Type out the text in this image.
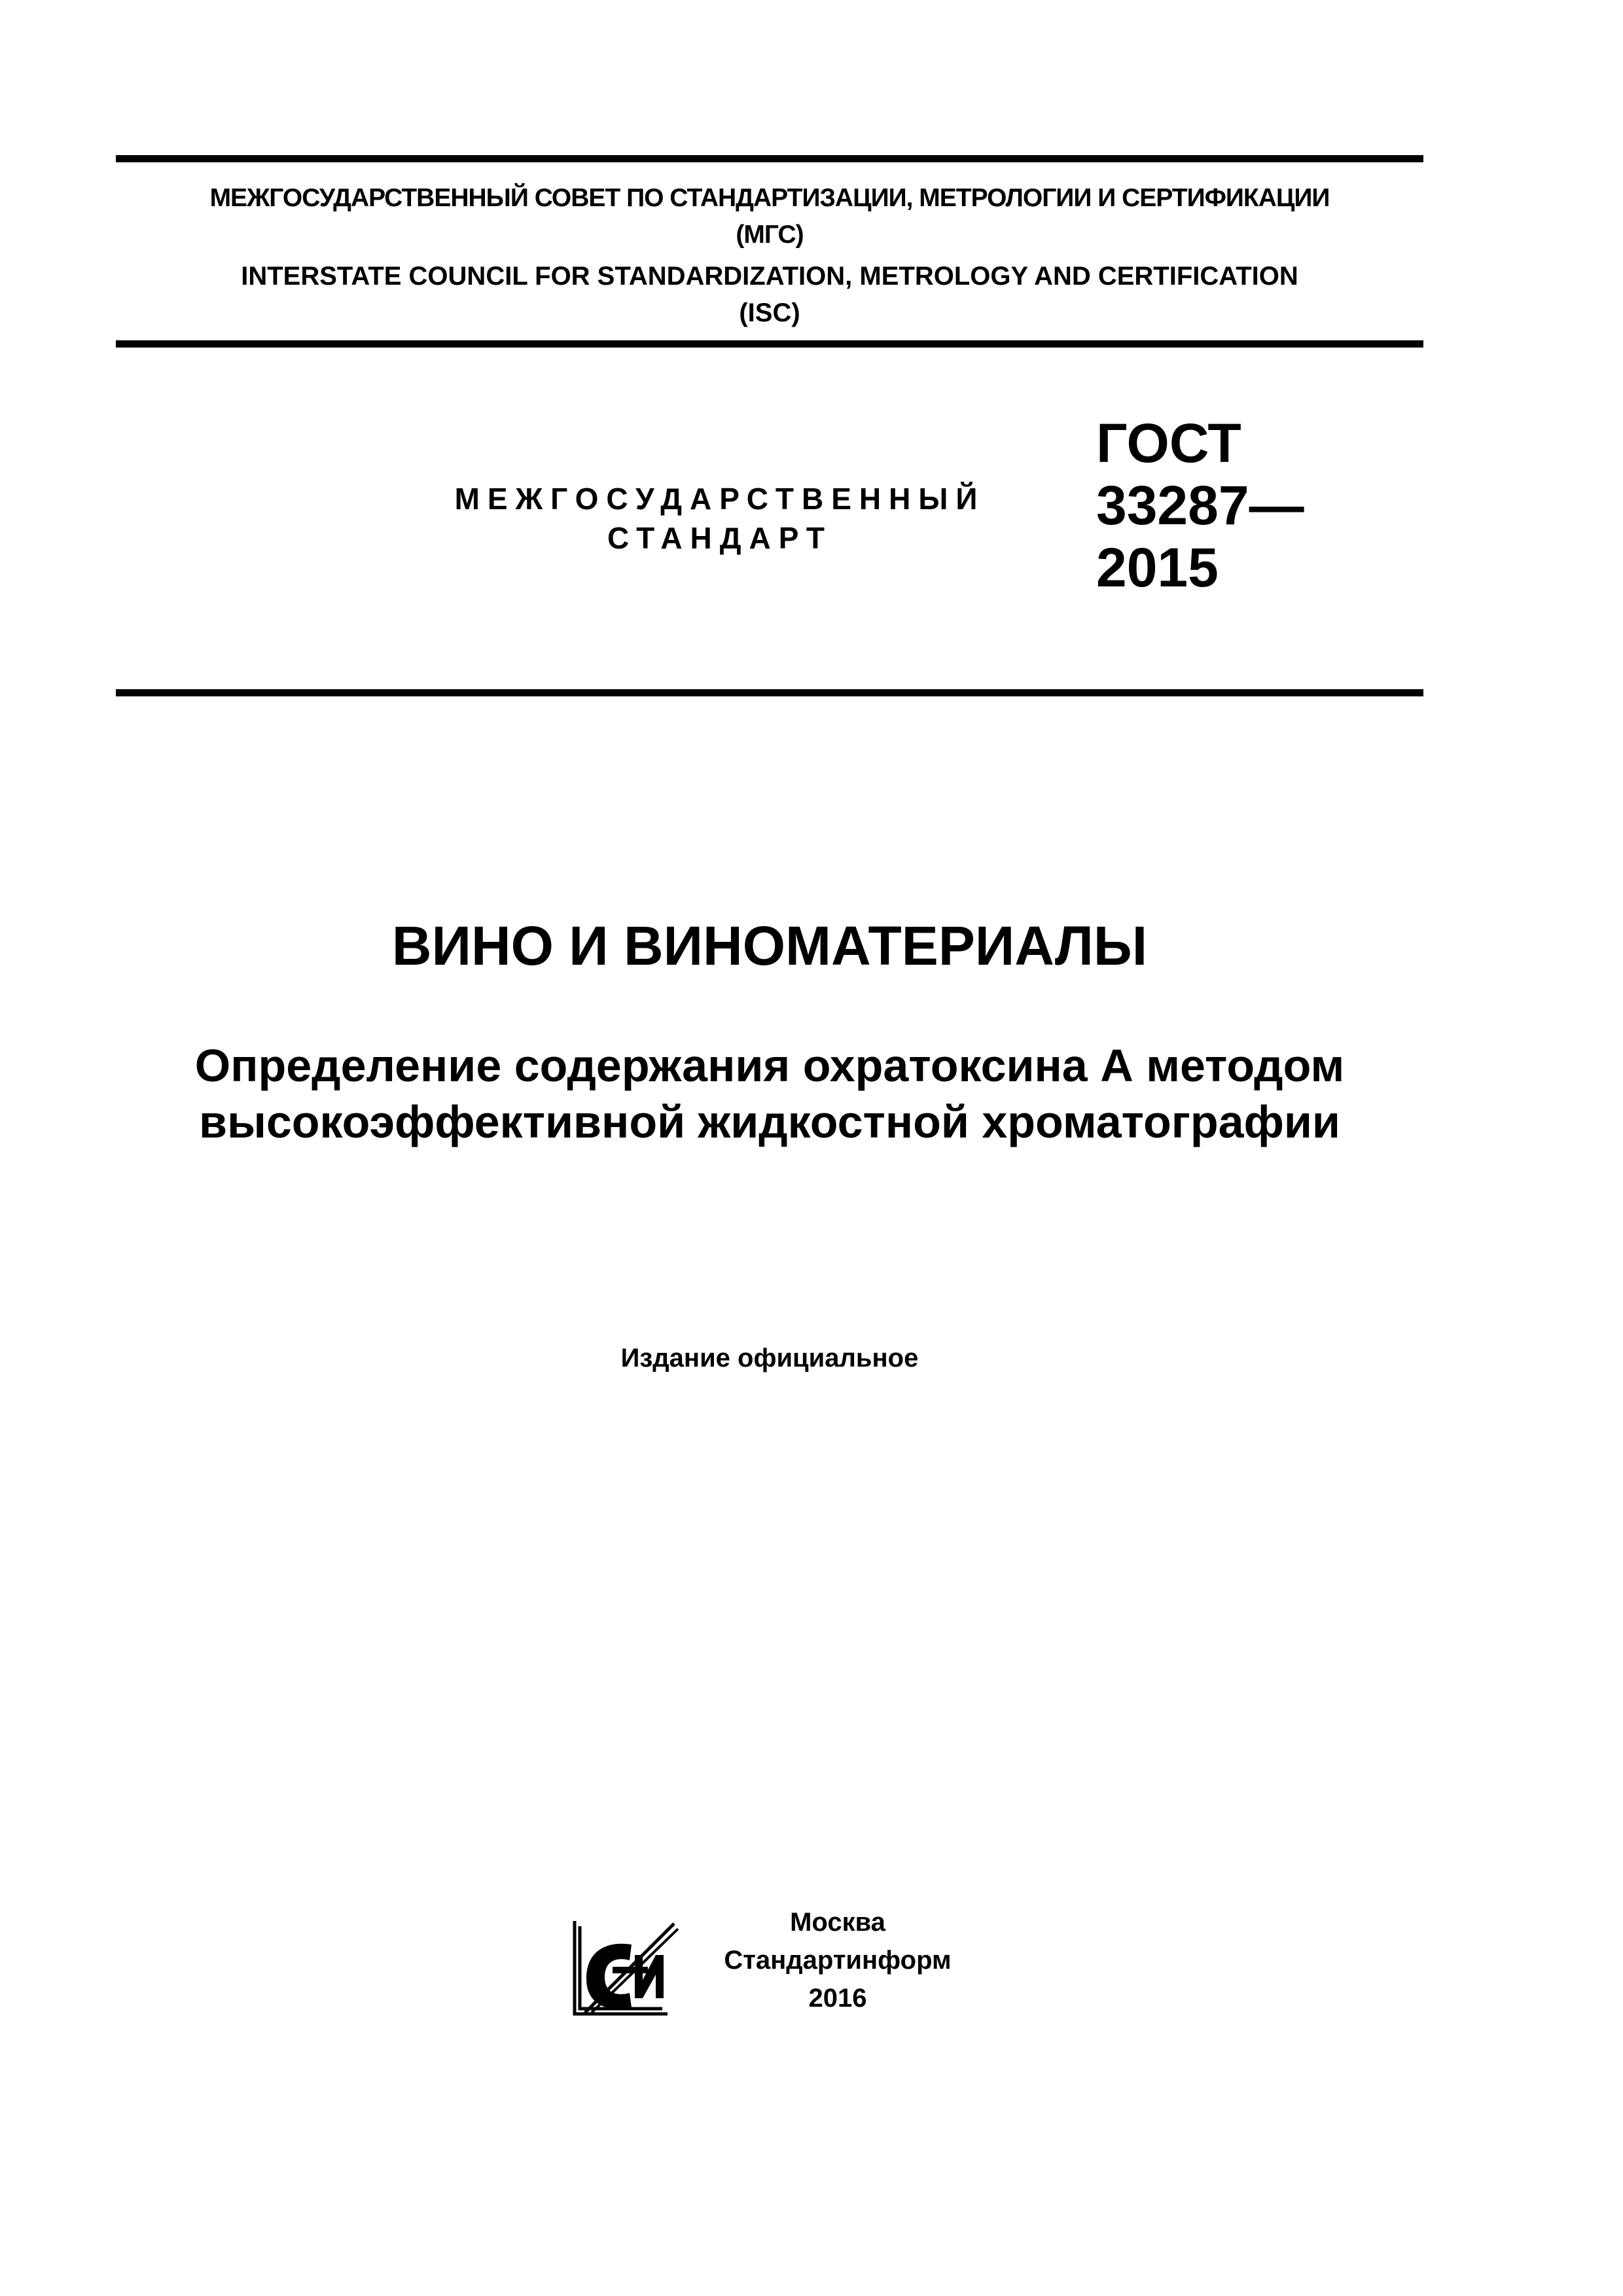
МЕЖГОСУДАРСТВЕННЫЙ СОВЕТ ПО СТАНДАРТИЗАЦИИ, МЕТРОЛОГИИ И СЕРТИФИКАЦИИ
(МГС)
INTERSTATE COUNCIL FOR STANDARDIZATION, METROLOGY AND CERTIFICATION
(ISC)
МЕЖГОСУДАРСТВЕННЫЙ
СТАНДАРТ
ГОСТ
33287—
2015
ВИНО И ВИНОМАТЕРИАЛЫ
Определение содержания охратоксина А методом
высокоэффективной жидкостной хроматографии
Издание официальное
Москва
Стандартинформ
2016
